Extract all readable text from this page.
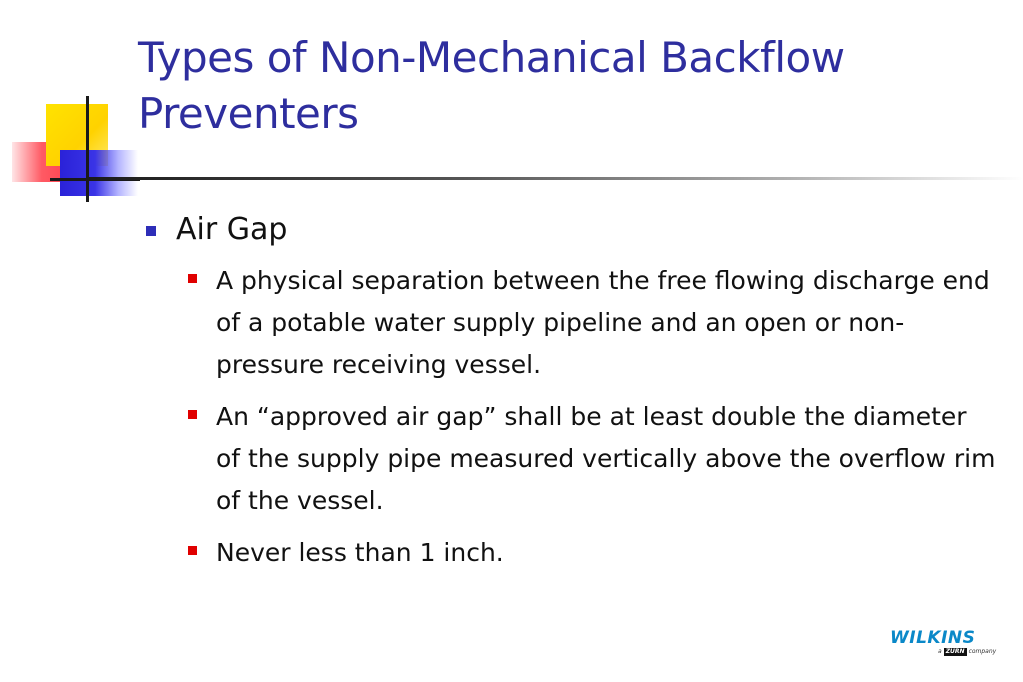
Types of Non-Mechanical Backflow Preventers
Air Gap
A physical separation between the free flowing discharge end of a potable water supply pipeline and an open or non-pressure receiving vessel.
An “approved air gap” shall be at least double the diameter of the supply pipe measured vertically above the overflow rim of the vessel.
Never less than 1 inch.
WILKINS
a ZURN company
